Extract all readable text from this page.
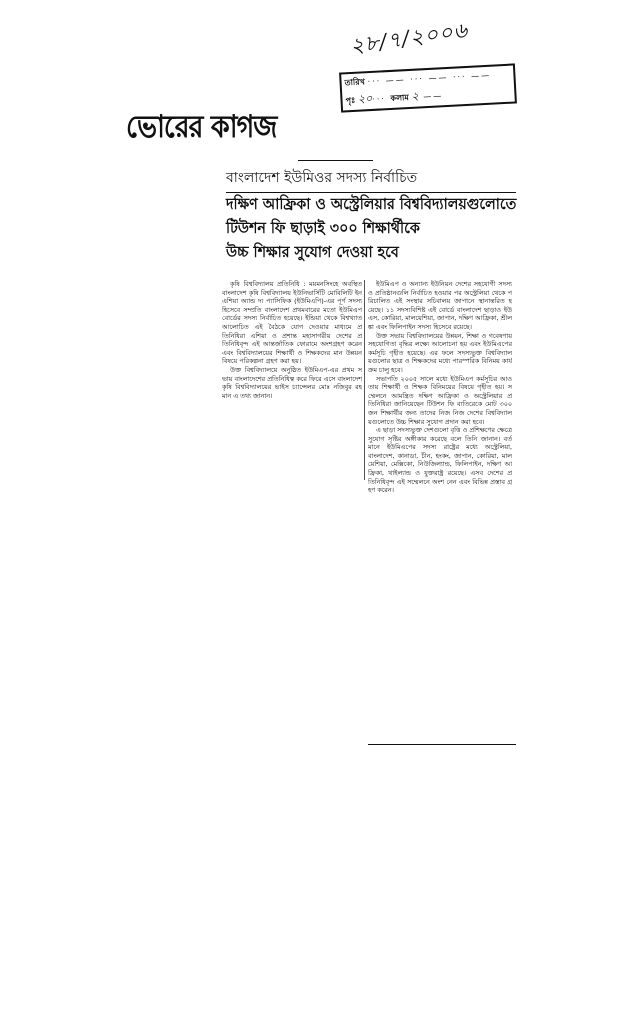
২৮/৭/২০০৬
তারিখ ··· —— ··· —— ··· ——
পৃঃ ২০··· কলাম ২ ——
ভোরের কাগজ
বাংলাদেশ ইউমিওর সদস্য নির্বাচিত
দক্ষিণ আফ্রিকা ও অস্ট্রেলিয়ার বিশ্ববিদ্যালয়গুলোতে
টিউশন ফি ছাড়াই ৩০০ শিক্ষার্থীকে
উচ্চ শিক্ষার সুযোগ দেওয়া হবে

কৃষি বিশ্ববিদ্যালয় প্রতিনিধি : ময়মনসিংহে অবস্থিত বাংলাদেশ কৃষি বিশ্ববিদ্যালয় ইউনিভার্সিটি মোবিলিটি ইন এশিয়া অ্যান্ড দ্য প্যাসিফিক (ইউমিএপি)-এর পূর্ণ সদস্য হিসেবে সম্প্রতি বাংলাদেশ প্রথমবারের মতো ইউমিএপ বোর্ডের সদস্য নির্বাচিত হয়েছে। ইন্ডিয়া থেকে বিশ্বখ্যাত আলোচিত এই বৈঠকে যোগ দেওয়ার মাধ্যমে প্রতিনিধিরা এশিয়া ও প্রশান্ত মহাসাগরীয় দেশের প্রতিনিধিবৃন্দ এই আন্তর্জাতিক ফোরামে অংশগ্রহণ করেন এবং বিশ্ববিদ্যালয়ের শিক্ষার্থী ও শিক্ষকদের মান উন্নয়ন বিষয়ে পরিকল্পনা গ্রহণ করা হয়।

উক্ত বিশ্ববিদ্যালয়ে অনুষ্ঠিত ইউমিএপ-এর প্রথম সভায় বাংলাদেশের প্রতিনিধিত্ব করে ফিরে এসে বাংলাদেশ কৃষি বিশ্ববিদ্যালয়ের ভাইস চ্যান্সেলর মোঃ নজিবুর রহমান এ তথ্য জানান।

ইউমিএপ ও অন্যান্য ইউনিয়ন দেশের সহযোগী সদস্য ও প্রতিষ্ঠানগুলি নির্বাচিত হওয়ার পর অস্ট্রেলিয়া থেকে পরিচালিত এই সংস্থার সচিবালয় জাপানে স্থানান্তরিত হয়েছে। ১১ সদস্যবিশিষ্ট এই বোর্ডে বাংলাদেশ ছাড়াও ইউএস, কোরিয়া, মালয়েশিয়া, জাপান, দক্ষিণ আফ্রিকা, শ্রীলঙ্কা এবং ফিলিপাইন সদস্য হিসেবে রয়েছে।

উক্ত সভায় বিশ্ববিদ্যালয়ের উন্নয়ন, শিক্ষা ও গবেষণায় সহযোগিতা বৃদ্ধির লক্ষ্যে আলোচনা হয় এবং ইউমিএপের কর্মসূচি গৃহীত হয়েছে। এর ফলে সদস্যভুক্ত বিশ্ববিদ্যালয়গুলোর ছাত্র ও শিক্ষকদের মধ্যে পারস্পরিক বিনিময় কার্যক্রম চালু হবে।

সভাপতি ২০০৫ সালে মধ্যে ইউমিএপ কর্মসূচির আওতায় শিক্ষার্থী ও শিক্ষক বিনিময়ের বিষয়ে গৃহীত হয়। সম্মেলনে আমন্ত্রিত দক্ষিণ আফ্রিকা ও অস্ট্রেলিয়ার প্রতিনিধিরা জানিয়েছেন টিউশন ফি ব্যতিরেকে মোট ৩০০ জন শিক্ষার্থীর জন্য তাদের নিজ নিজ দেশের বিশ্ববিদ্যালয়গুলোতে উচ্চ শিক্ষার সুযোগ প্রদান করা হবে।

এ ছাড়া সদস্যভুক্ত দেশগুলো বৃত্তি ও প্রশিক্ষণের ক্ষেত্রে সুযোগ সৃষ্টির অঙ্গীকার করেছে বলে তিনি জানান। বর্তমানে ইউমিএপের সদস্য রাষ্ট্রের মধ্যে অস্ট্রেলিয়া, বাংলাদেশ, কানাডা, চীন, হংকং, জাপান, কোরিয়া, মালয়েশিয়া, মেক্সিকো, নিউজিল্যান্ড, ফিলিপাইন, দক্ষিণ আফ্রিকা, থাইল্যান্ড ও যুক্তরাষ্ট্র রয়েছে। এসব দেশের প্রতিনিধিবৃন্দ এই সম্মেলনে অংশ নেন এবং বিভিন্ন প্রস্তাব গ্রহণ করেন।
